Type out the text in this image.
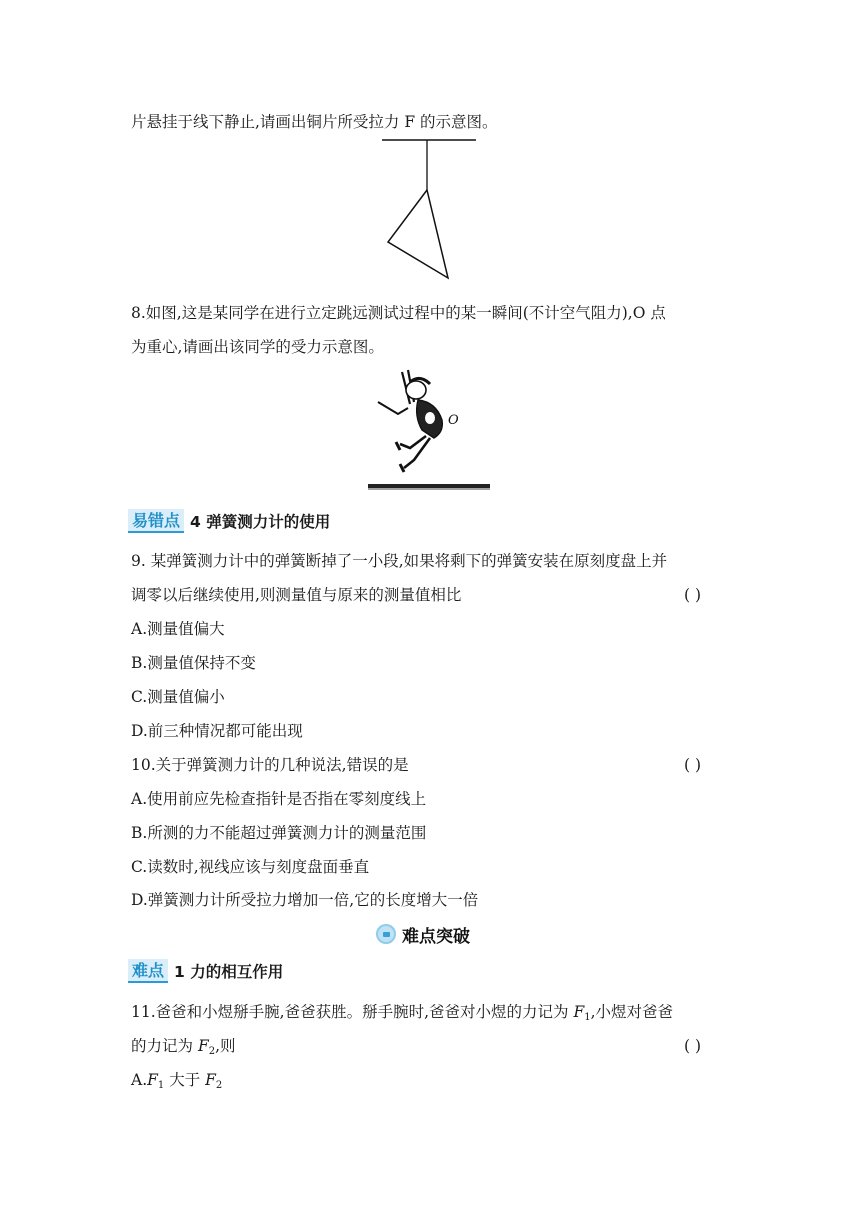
片悬挂于线下静止,请画出铜片所受拉力 F 的示意图。
8.如图,这是某同学在进行立定跳远测试过程中的某一瞬间(不计空气阻力),O 点
为重心,请画出该同学的受力示意图。
O
易错点 4 弹簧测力计的使用
9. 某弹簧测力计中的弹簧断掉了一小段,如果将剩下的弹簧安装在原刻度盘上并
调零以后继续使用,则测量值与原来的测量值相比	( )
A.测量值偏大
B.测量值保持不变
C.测量值偏小
D.前三种情况都可能出现
10.关于弹簧测力计的几种说法,错误的是	( )
A.使用前应先检查指针是否指在零刻度线上
B.所测的力不能超过弹簧测力计的测量范围
C.读数时,视线应该与刻度盘面垂直
D.弹簧测力计所受拉力增加一倍,它的长度增大一倍
难点突破
难点 1 力的相互作用
11.爸爸和小煜掰手腕,爸爸获胜。掰手腕时,爸爸对小煜的力记为 $F_1$,小煜对爸爸
的力记为 $F_2$,则	( )
$A.F_1$ 大于 $F_2$
